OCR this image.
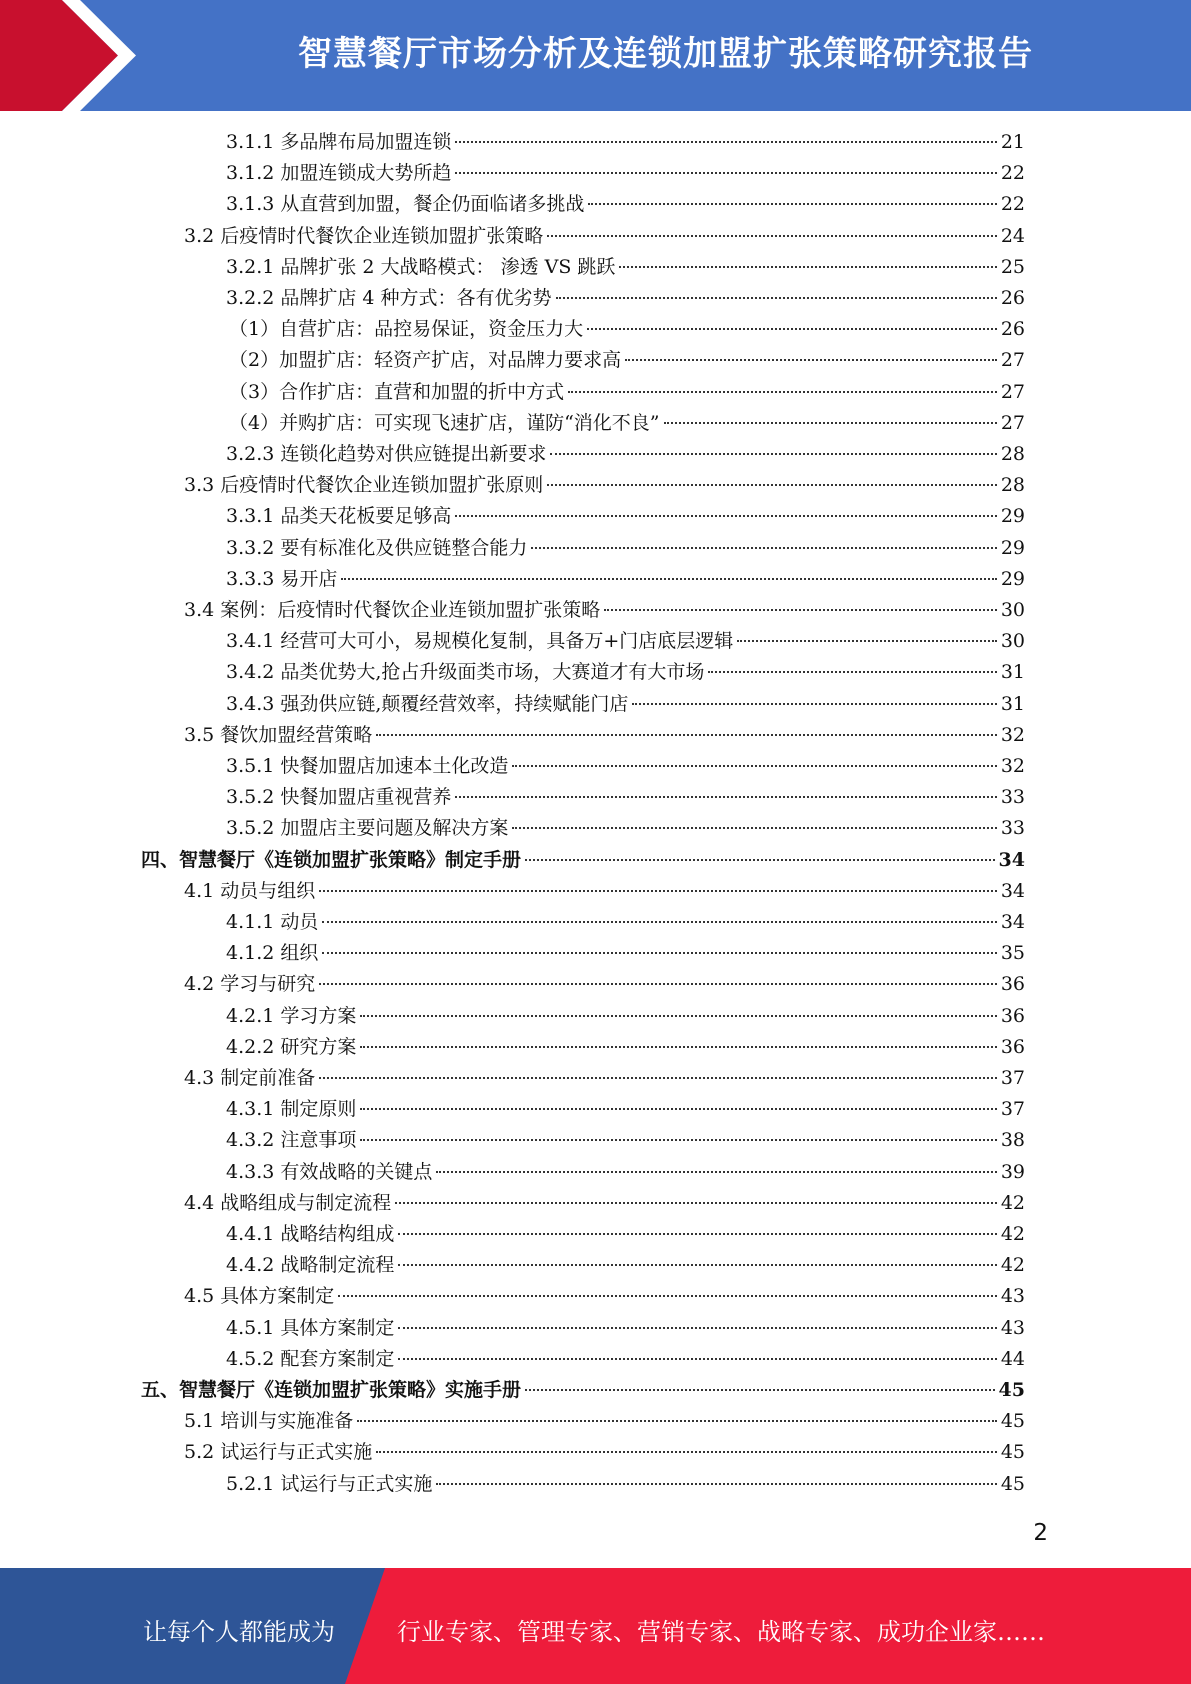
智慧餐厅市场分析及连锁加盟扩张策略研究报告
3.1.1 多品牌布局加盟连锁	21
3.1.2 加盟连锁成大势所趋	22
3.1.3 从直营到加盟，餐企仍面临诸多挑战	22
3.2 后疫情时代餐饮企业连锁加盟扩张策略	24
3.2.1 品牌扩张 2 大战略模式： 渗透 VS 跳跃	25
3.2.2 品牌扩店 4 种方式：各有优劣势	26
（1）自营扩店：品控易保证，资金压力大	26
（2）加盟扩店：轻资产扩店，对品牌力要求高	27
（3）合作扩店：直营和加盟的折中方式	27
（4）并购扩店：可实现飞速扩店，谨防“消化不良”	27
3.2.3 连锁化趋势对供应链提出新要求	28
3.3 后疫情时代餐饮企业连锁加盟扩张原则	28
3.3.1 品类天花板要足够高	29
3.3.2 要有标准化及供应链整合能力	29
3.3.3 易开店	29
3.4 案例：后疫情时代餐饮企业连锁加盟扩张策略	30
3.4.1 经营可大可小，易规模化复制，具备万+门店底层逻辑	30
3.4.2 品类优势大,抢占升级面类市场，大赛道才有大市场	31
3.4.3 强劲供应链,颠覆经营效率，持续赋能门店	31
3.5 餐饮加盟经营策略	32
3.5.1 快餐加盟店加速本土化改造	32
3.5.2 快餐加盟店重视营养	33
3.5.2 加盟店主要问题及解决方案	33
四、智慧餐厅《连锁加盟扩张策略》制定手册	34
4.1 动员与组织	34
4.1.1 动员	34
4.1.2 组织	35
4.2 学习与研究	36
4.2.1 学习方案	36
4.2.2 研究方案	36
4.3 制定前准备	37
4.3.1 制定原则	37
4.3.2 注意事项	38
4.3.3 有效战略的关键点	39
4.4 战略组成与制定流程	42
4.4.1 战略结构组成	42
4.4.2 战略制定流程	42
4.5 具体方案制定	43
4.5.1 具体方案制定	43
4.5.2 配套方案制定	44
五、智慧餐厅《连锁加盟扩张策略》实施手册	45
5.1 培训与实施准备	45
5.2 试运行与正式实施	45
5.2.1 试运行与正式实施	45
2
让每个人都能成为	行业专家、管理专家、营销专家、战略专家、成功企业家……
